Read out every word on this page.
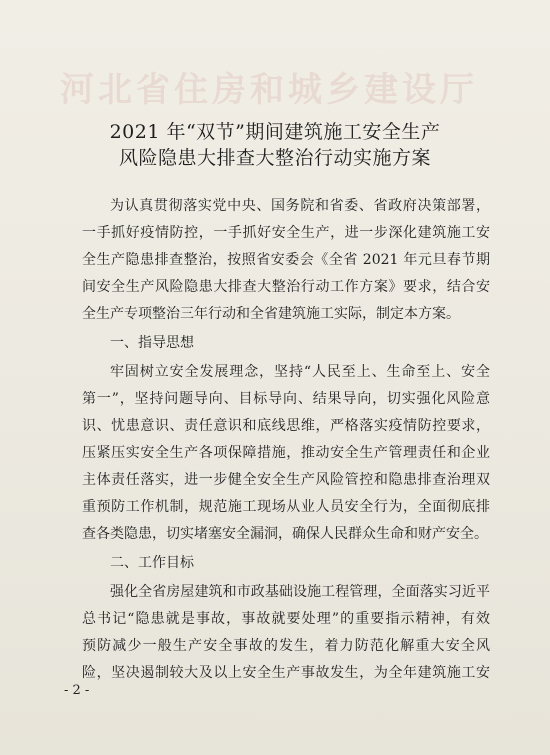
河北省住房和城乡建设厅
2021 年“双节”期间建筑施工安全生产
风险隐患大排查大整治行动实施方案
为认真贯彻落实党中央、国务院和省委、省政府决策部署，
一手抓好疫情防控，一手抓好安全生产，进一步深化建筑施工安
全生产隐患排查整治，按照省安委会《全省 2021 年元旦春节期
间安全生产风险隐患大排查大整治行动工作方案》要求，结合安
全生产专项整治三年行动和全省建筑施工实际，制定本方案。
一、指导思想
牢固树立安全发展理念，坚持“人民至上、生命至上、安全
第一”，坚持问题导向、目标导向、结果导向，切实强化风险意
识、忧患意识、责任意识和底线思维，严格落实疫情防控要求，
压紧压实安全生产各项保障措施，推动安全生产管理责任和企业
主体责任落实，进一步健全安全生产风险管控和隐患排查治理双
重预防工作机制，规范施工现场从业人员安全行为，全面彻底排
查各类隐患，切实堵塞安全漏洞，确保人民群众生命和财产安全。
二、工作目标
强化全省房屋建筑和市政基础设施工程管理，全面落实习近平
总书记“隐患就是事故，事故就要处理”的重要指示精神，有效
预防减少一般生产安全事故的发生，着力防范化解重大安全风
险，坚决遏制较大及以上安全生产事故发生，为全年建筑施工安
- 2 -
